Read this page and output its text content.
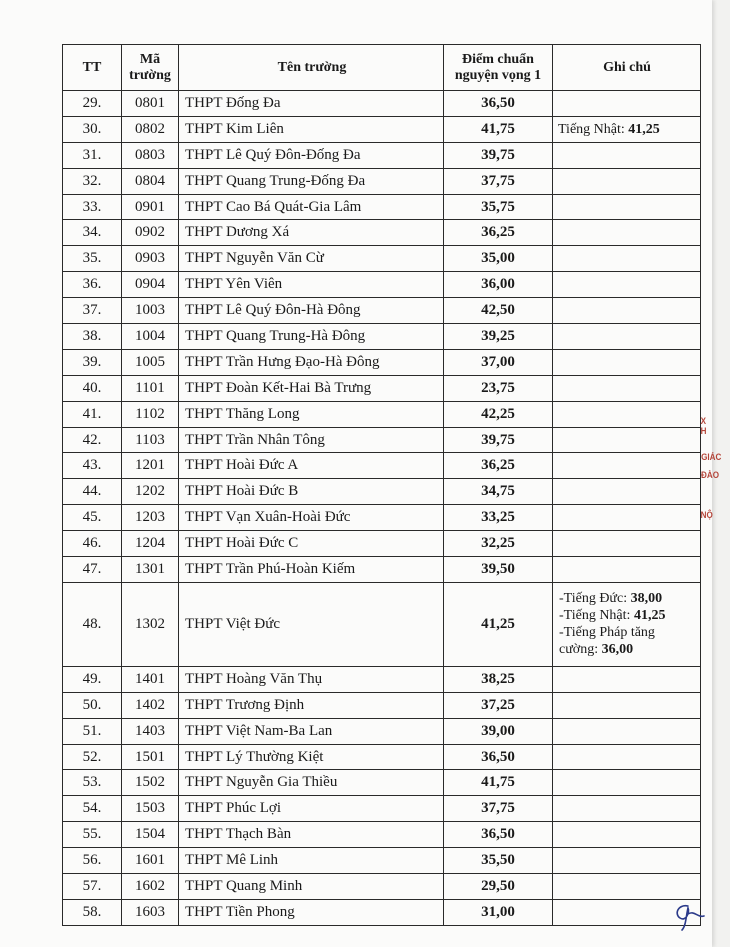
TT	Mã trường	Tên trường	Điểm chuẩn nguyện vọng 1	Ghi chú
29.	0801	THPT Đống Đa	36,50	
30.	0802	THPT Kim Liên	41,75	Tiếng Nhật: 41,25
31.	0803	THPT Lê Quý Đôn-Đống Đa	39,75	
32.	0804	THPT Quang Trung-Đống Đa	37,75	
33.	0901	THPT Cao Bá Quát-Gia Lâm	35,75	
34.	0902	THPT Dương Xá	36,25	
35.	0903	THPT Nguyễn Văn Cừ	35,00	
36.	0904	THPT Yên Viên	36,00	
37.	1003	THPT Lê Quý Đôn-Hà Đông	42,50	
38.	1004	THPT Quang Trung-Hà Đông	39,25	
39.	1005	THPT Trần Hưng Đạo-Hà Đông	37,00	
40.	1101	THPT Đoàn Kết-Hai Bà Trưng	23,75	
41.	1102	THPT Thăng Long	42,25	
42.	1103	THPT Trần Nhân Tông	39,75	
43.	1201	THPT Hoài Đức A	36,25	
44.	1202	THPT Hoài Đức B	34,75	
45.	1203	THPT Vạn Xuân-Hoài Đức	33,25	
46.	1204	THPT Hoài Đức C	32,25	
47.	1301	THPT Trần Phú-Hoàn Kiếm	39,50	
48.	1302	THPT Việt Đức	41,25	-Tiếng Đức: 38,00
-Tiếng Nhật: 41,25
-Tiếng Pháp tăng cường: 36,00

49.	1401	THPT Hoàng Văn Thụ	38,25	
50.	1402	THPT Trương Định	37,25	
51.	1403	THPT Việt Nam-Ba Lan	39,00	
52.	1501	THPT Lý Thường Kiệt	36,50	
53.	1502	THPT Nguyễn Gia Thiều	41,75	
54.	1503	THPT Phúc Lợi	37,75	
55.	1504	THPT Thạch Bàn	36,50	
56.	1601	THPT Mê Linh	35,50	
57.	1602	THPT Quang Minh	29,50	
58.	1603	THPT Tiền Phong	31,00	
X H
GIÁC
ĐÀO
NỘ
